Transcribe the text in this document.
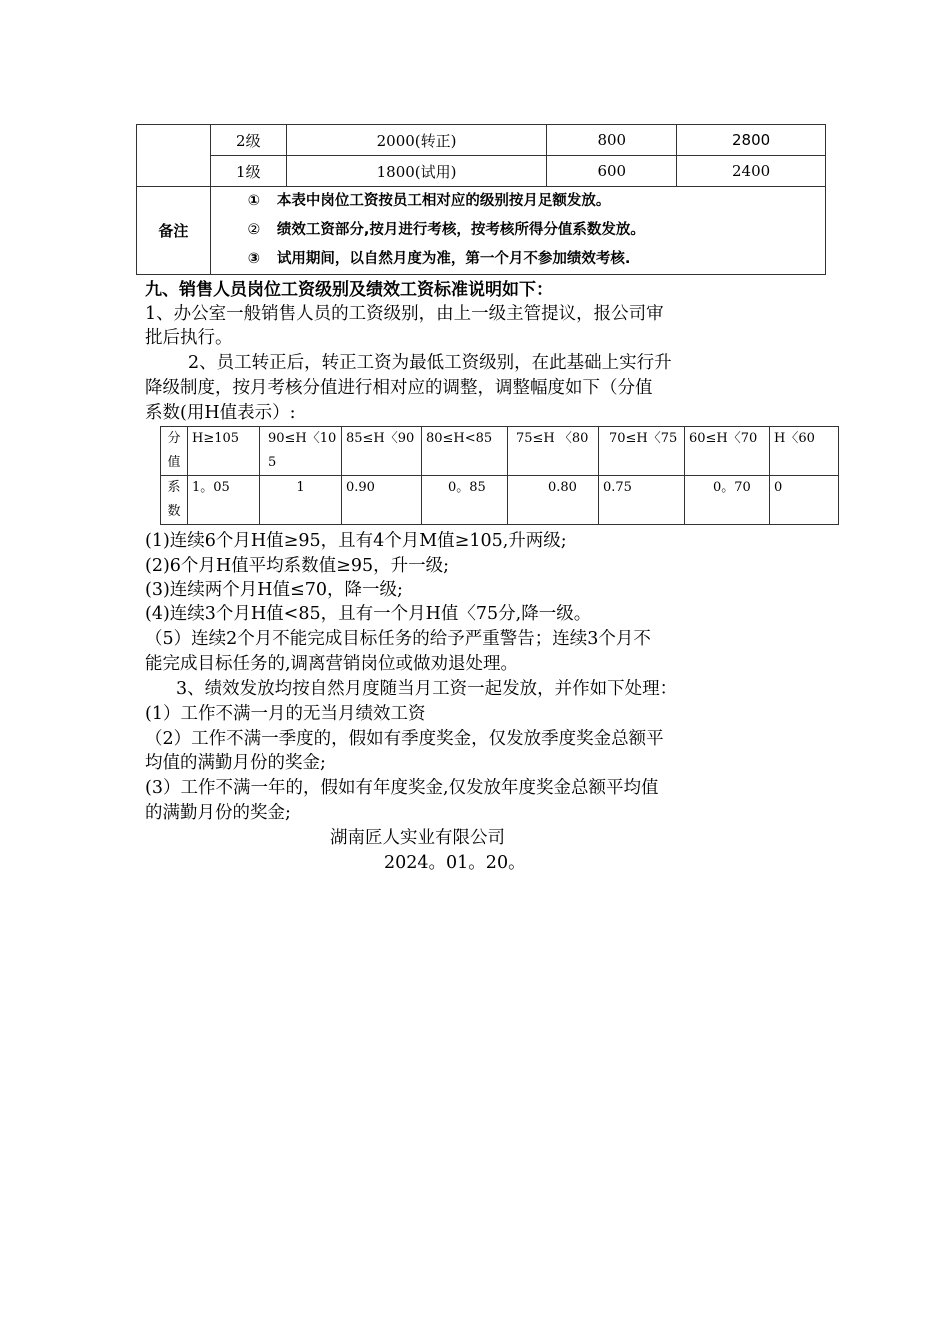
	2级	2000(转正)	800	2800
	1级	1800(试用)	600	2400
备注	① 本表中岗位工资按员工相对应的级别按月足额发放。
② 绩效工资部分,按月进行考核，按考核所得分值系数发放。
③ 试用期间，以自然月度为准，第一个月不参加绩效考核.			
九、销售人员岗位工资级别及绩效工资标准说明如下：
1、办公室一般销售人员的工资级别，由上一级主管提议，报公司审
批后执行。
2、员工转正后，转正工资为最低工资级别，在此基础上实行升
降级制度，按月考核分值进行相对应的调整，调整幅度如下（分值
系数(用H值表示）:
分值	H≥105	90≤H〈105	85≤H〈90	80≤H<85	75≤H 〈80	70≤H〈75	60≤H〈70	H〈60
系数	1。05	1	0.90	0。85	0.80	0.75	0。70	0
(1)连续6个月H值≥95，且有4个月M值≥105,升两级;
(2)6个月H值平均系数值≥95，升一级;
(3)连续两个月H值≤70，降一级;
(4)连续3个月H值<85，且有一个月H值〈75分,降一级。
（5）连续2个月不能完成目标任务的给予严重警告；连续3个月不
能完成目标任务的,调离营销岗位或做劝退处理。
3、绩效发放均按自然月度随当月工资一起发放，并作如下处理：
(1）工作不满一月的无当月绩效工资
（2）工作不满一季度的，假如有季度奖金，仅发放季度奖金总额平
均值的满勤月份的奖金;
(3）工作不满一年的，假如有年度奖金,仅发放年度奖金总额平均值
的满勤月份的奖金;
湖南匠人实业有限公司
2024。01。20。
